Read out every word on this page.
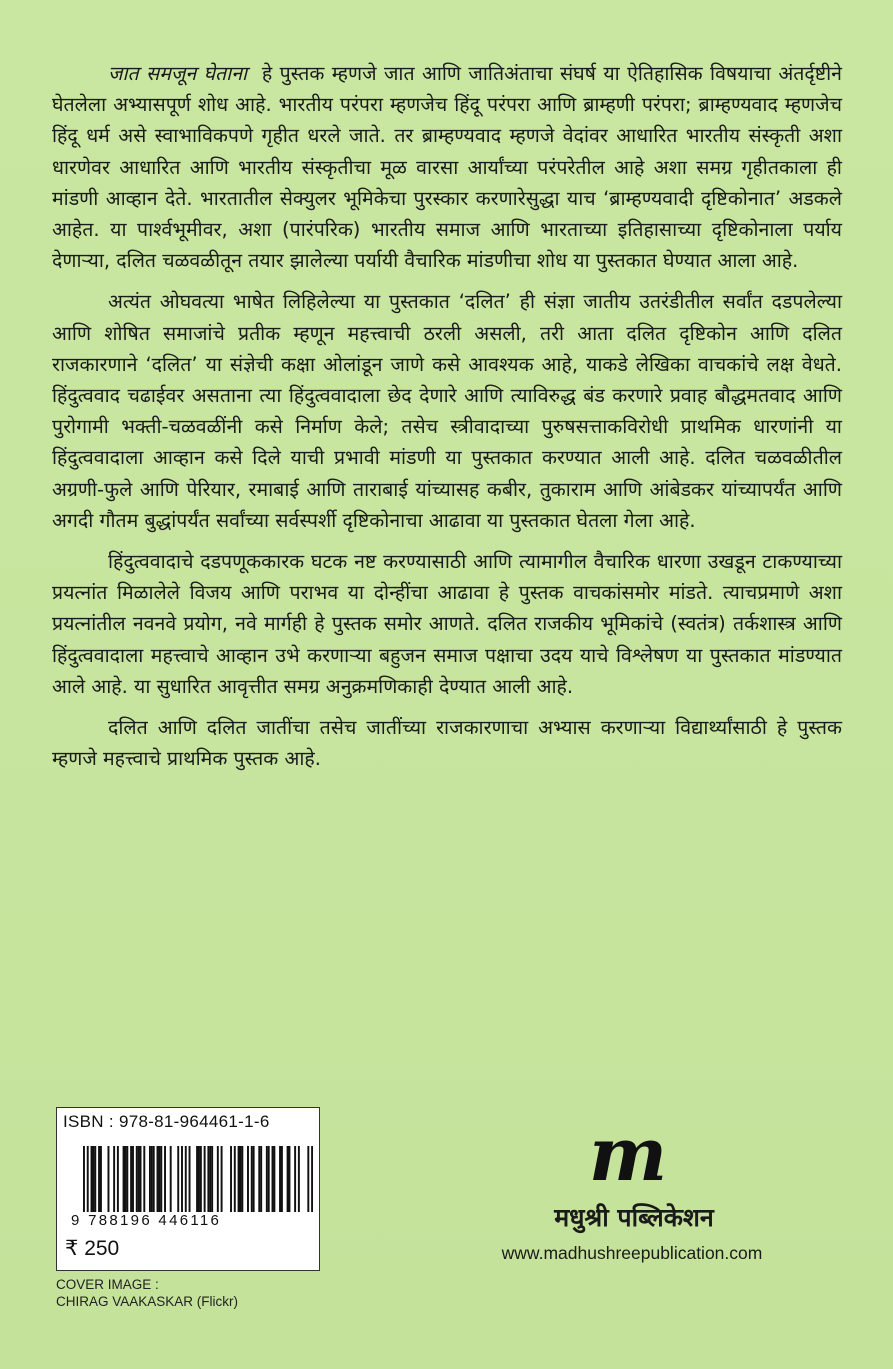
जात समजून घेताना हे पुस्तक म्हणजे जात आणि जातिअंताचा संघर्ष या ऐतिहासिक विषयाचा अंतर्दृष्टीने घेतलेला अभ्यासपूर्ण शोध आहे. भारतीय परंपरा म्हणजेच हिंदू परंपरा आणि ब्राम्हणी परंपरा; ब्राम्हण्यवाद म्हणजेच हिंदू धर्म असे स्वाभाविकपणे गृहीत धरले जाते. तर ब्राम्हण्यवाद म्हणजे वेदांवर आधारित भारतीय संस्कृती अशा धारणेवर आधारित आणि भारतीय संस्कृतीचा मूळ वारसा आर्यांच्या परंपरेतील आहे अशा समग्र गृहीतकाला ही मांडणी आव्हान देते. भारतातील सेक्युलर भूमिकेचा पुरस्कार करणारेसुद्धा याच ‘ब्राम्हण्यवादी दृष्टिकोनात’ अडकले आहेत. या पार्श्वभूमीवर, अशा (पारंपरिक) भारतीय समाज आणि भारताच्या इतिहासाच्या दृष्टिकोनाला पर्याय देणाऱ्या, दलित चळवळीतून तयार झालेल्या पर्यायी वैचारिक मांडणीचा शोध या पुस्तकात घेण्यात आला आहे.

अत्यंत ओघवत्या भाषेत लिहिलेल्या या पुस्तकात ‘दलित’ ही संज्ञा जातीय उतरंडीतील सर्वांत दडपलेल्या आणि शोषित समाजांचे प्रतीक म्हणून महत्त्वाची ठरली असली, तरी आता दलित दृष्टिकोन आणि दलित राजकारणाने ‘दलित’ या संज्ञेची कक्षा ओलांडून जाणे कसे आवश्यक आहे, याकडे लेखिका वाचकांचे लक्ष वेधते. हिंदुत्ववाद चढाईवर असताना त्या हिंदुत्ववादाला छेद देणारे आणि त्याविरुद्ध बंड करणारे प्रवाह बौद्धमतवाद आणि पुरोगामी भक्ती-चळवळींनी कसे निर्माण केले; तसेच स्त्रीवादाच्या पुरुषसत्ताकविरोधी प्राथमिक धारणांनी या हिंदुत्ववादाला आव्हान कसे दिले याची प्रभावी मांडणी या पुस्तकात करण्यात आली आहे. दलित चळवळीतील अग्रणी-फुले आणि पेरियार, रमाबाई आणि ताराबाई यांच्यासह कबीर, तुकाराम आणि आंबेडकर यांच्यापर्यंत आणि अगदी गौतम बुद्धांपर्यंत सर्वांच्या सर्वस्पर्शी दृष्टिकोनाचा आढावा या पुस्तकात घेतला गेला आहे.

हिंदुत्ववादाचे दडपणूककारक घटक नष्ट करण्यासाठी आणि त्यामागील वैचारिक धारणा उखडून टाकण्याच्या प्रयत्नांत मिळालेले विजय आणि पराभव या दोन्हींचा आढावा हे पुस्तक वाचकांसमोर मांडते. त्याचप्रमाणे अशा प्रयत्नांतील नवनवे प्रयोग, नवे मार्गही हे पुस्तक समोर आणते. दलित राजकीय भूमिकांचे (स्वतंत्र) तर्कशास्त्र आणि हिंदुत्ववादाला महत्त्वाचे आव्हान उभे करणाऱ्या बहुजन समाज पक्षाचा उदय याचे विश्लेषण या पुस्तकात मांडण्यात आले आहे. या सुधारित आवृत्तीत समग्र अनुक्रमणिकाही देण्यात आली आहे.

दलित आणि दलित जातींचा तसेच जातींच्या राजकारणाचा अभ्यास करणाऱ्या विद्यार्थ्यांसाठी हे पुस्तक म्हणजे महत्त्वाचे प्राथमिक पुस्तक आहे.

ISBN : 978-81-964461-1-6
9 788196 446116
₹ 250
COVER IMAGE :
CHIRAG VAAKASKAR (Flickr)
m
मधुश्री पब्लिकेशन
www.madhushreepublication.com
